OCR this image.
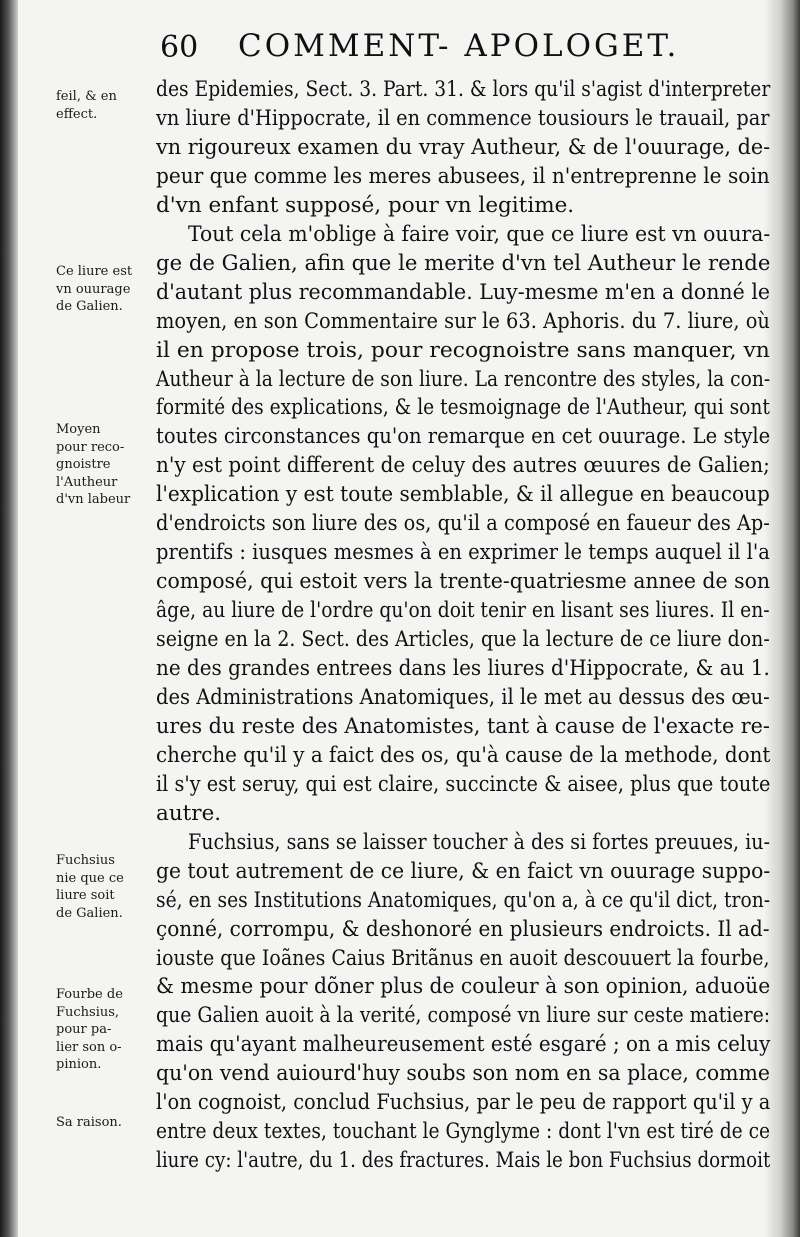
60 COMMENT- APOLOGET.
des Epidemies, Sect. 3. Part. 31. & lors qu'il s'agist d'interpreter
vn liure d'Hippocrate, il en commence tousiours le trauail, par
vn rigoureux examen du vray Autheur, & de l'ouurage, de-
peur que comme les meres abusees, il n'entreprenne le soin
d'vn enfant supposé, pour vn legitime.
Tout cela m'oblige à faire voir, que ce liure est vn ouura-
ge de Galien, afin que le merite d'vn tel Autheur le rende
d'autant plus recommandable. Luy-mesme m'en a donné le
moyen, en son Commentaire sur le 63. Aphoris. du 7. liure, où
il en propose trois, pour recognoistre sans manquer, vn
Autheur à la lecture de son liure. La rencontre des styles, la con-
formité des explications, & le tesmoignage de l'Autheur, qui sont
toutes circonstances qu'on remarque en cet ouurage. Le style
n'y est point different de celuy des autres œuures de Galien;
l'explication y est toute semblable, & il allegue en beaucoup
d'endroicts son liure des os, qu'il a composé en faueur des Ap-
prentifs : iusques mesmes à en exprimer le temps auquel il l'a
composé, qui estoit vers la trente-quatriesme annee de son
âge, au liure de l'ordre qu'on doit tenir en lisant ses liures. Il en-
seigne en la 2. Sect. des Articles, que la lecture de ce liure don-
ne des grandes entrees dans les liures d'Hippocrate, & au 1.
des Administrations Anatomiques, il le met au dessus des œu-
ures du reste des Anatomistes, tant à cause de l'exacte re-
cherche qu'il y a faict des os, qu'à cause de la methode, dont
il s'y est seruy, qui est claire, succincte & aisee, plus que toute
autre.
Fuchsius, sans se laisser toucher à des si fortes preuues, iu-
ge tout autrement de ce liure, & en faict vn ouurage suppo-
sé, en ses Institutions Anatomiques, qu'on a, à ce qu'il dict, tron-
çonné, corrompu, & deshonoré en plusieurs endroicts. Il ad-
iouste que Ioãnes Caius Britãnus en auoit descouuert la fourbe,
& mesme pour dõner plus de couleur à son opinion, aduoüe
que Galien auoit à la verité, composé vn liure sur ceste matiere:
mais qu'ayant malheureusement esté esgaré ; on a mis celuy
qu'on vend auiourd'huy soubs son nom en sa place, comme
l'on cognoist, conclud Fuchsius, par le peu de rapport qu'il y a
entre deux textes, touchant le Gynglyme : dont l'vn est tiré de ce
liure cy: l'autre, du 1. des fractures. Mais le bon Fuchsius dormoit
feil, & en
effect.
Ce liure est
vn ouurage
de Galien.
Moyen
pour reco-
gnoistre
l'Autheur
d'vn labeur
Fuchsius
nie que ce
liure soit
de Galien.
Fourbe de
Fuchsius,
pour pa-
lier son o-
pinion.
Sa raison.
